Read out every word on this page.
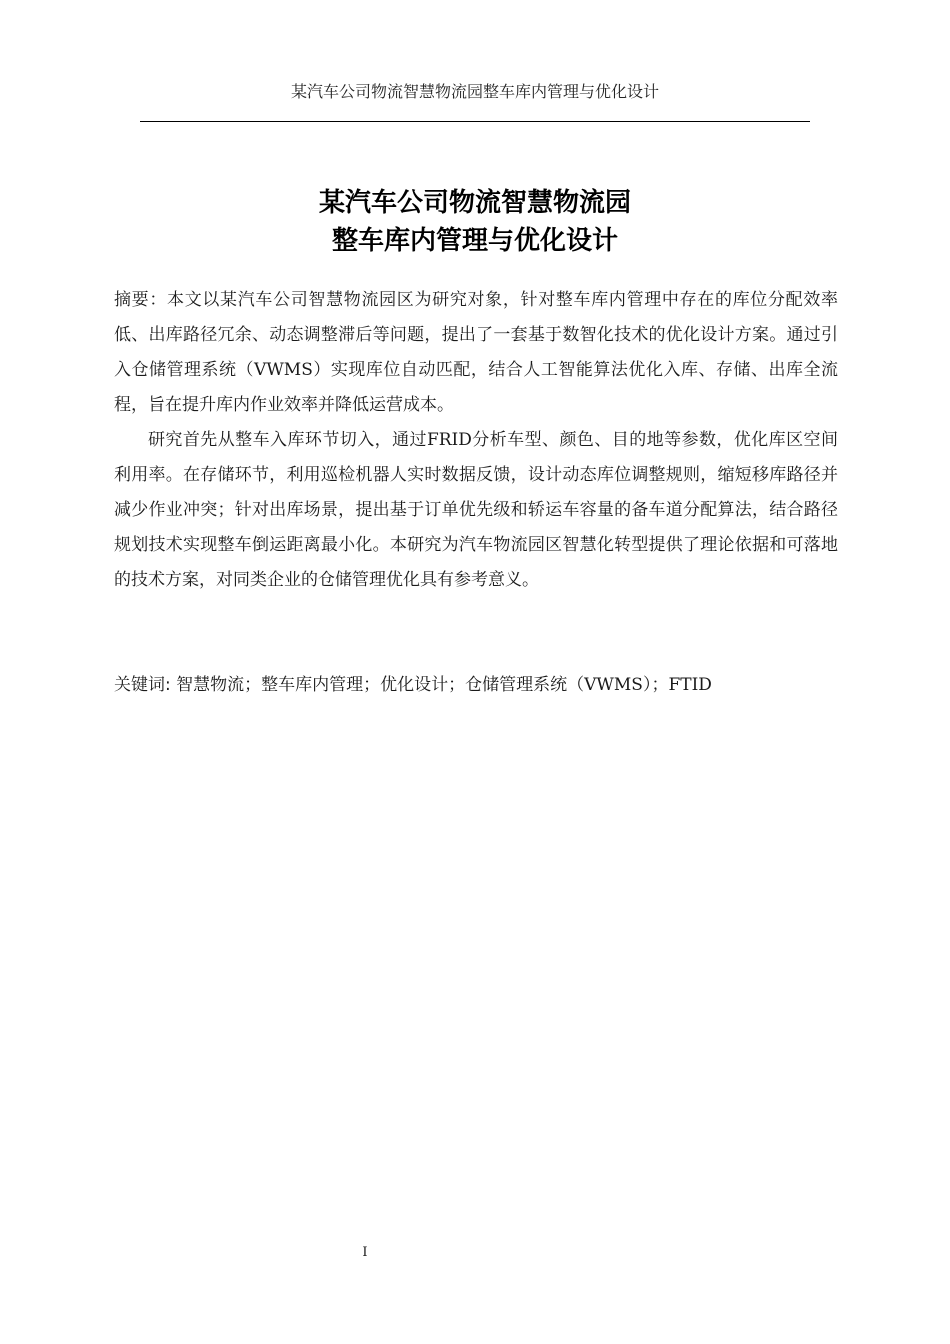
某汽车公司物流智慧物流园整车库内管理与优化设计
某汽车公司物流智慧物流园
整车库内管理与优化设计

摘要：本文以某汽车公司智慧物流园区为研究对象，针对整车库内管理中存在的库位分配效率低、出库路径冗余、动态调整滞后等问题，提出了一套基于数智化技术的优化设计方案。通过引入仓储管理系统（VWMS）实现库位自动匹配，结合人工智能算法优化入库、存储、出库全流程，旨在提升库内作业效率并降低运营成本。

研究首先从整车入库环节切入，通过FRID分析车型、颜色、目的地等参数，优化库区空间利用率。在存储环节，利用巡检机器人实时数据反馈，设计动态库位调整规则，缩短移库路径并减少作业冲突；针对出库场景，提出基于订单优先级和轿运车容量的备车道分配算法，结合路径规划技术实现整车倒运距离最小化。本研究为汽车物流园区智慧化转型提供了理论依据和可落地的技术方案，对同类企业的仓储管理优化具有参考意义。

关键词: 智慧物流；整车库内管理；优化设计；仓储管理系统（VWMS）；FTID
I
